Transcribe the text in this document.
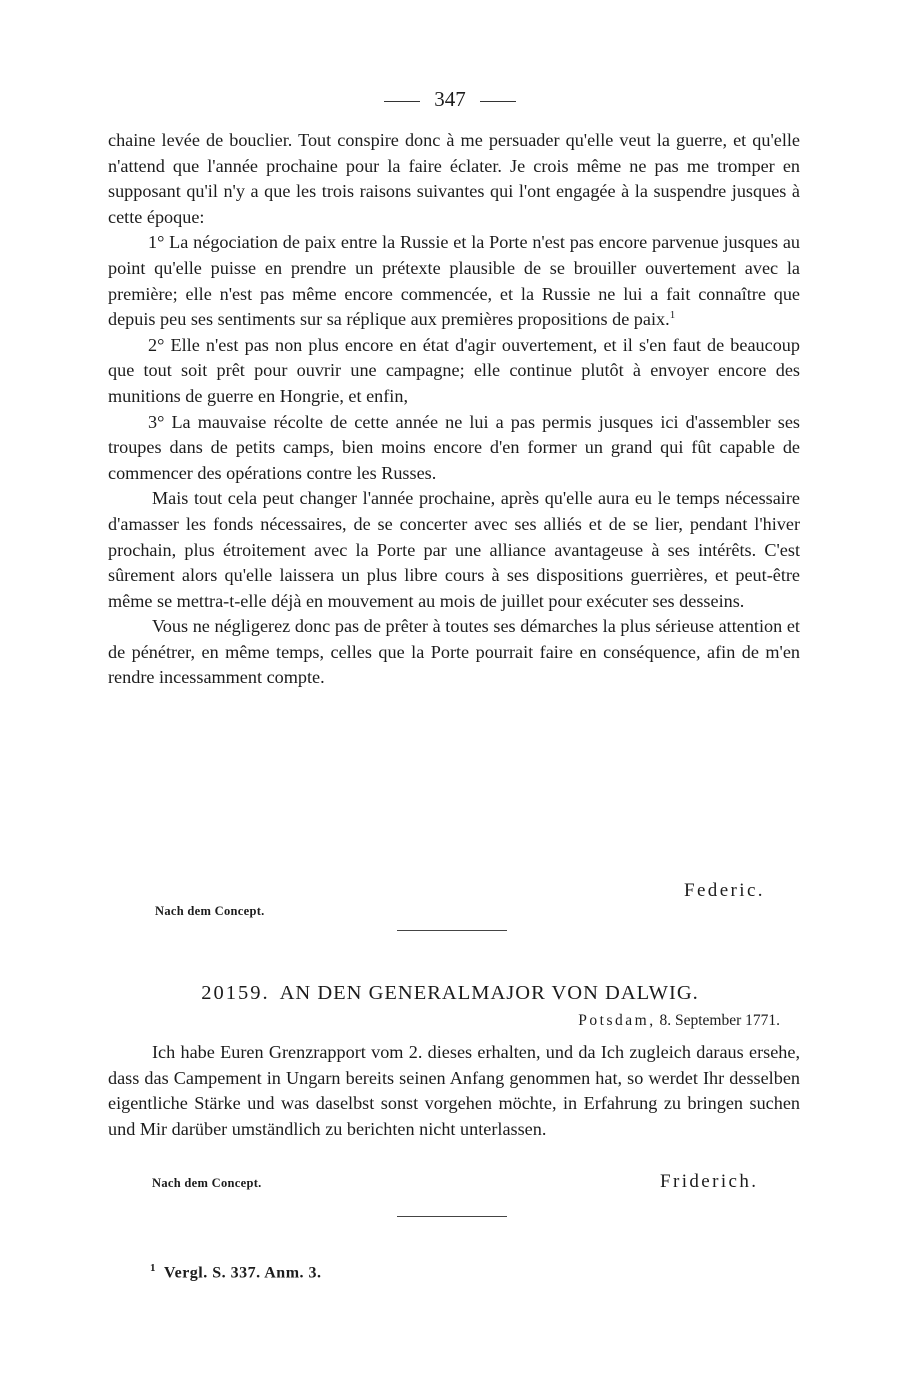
347

chaine levée de bouclier. Tout conspire donc à me persuader qu'elle veut la guerre, et qu'elle n'attend que l'année prochaine pour la faire éclater. Je crois même ne pas me tromper en supposant qu'il n'y a que les trois raisons suivantes qui l'ont engagée à la suspendre jusques à cette époque:

1° La négociation de paix entre la Russie et la Porte n'est pas encore parvenue jusques au point qu'elle puisse en prendre un prétexte plausible de se brouiller ouvertement avec la première; elle n'est pas même encore commencée, et la Russie ne lui a fait connaître que depuis peu ses sentiments sur sa réplique aux premières propositions de paix.$^1$

2° Elle n'est pas non plus encore en état d'agir ouvertement, et il s'en faut de beaucoup que tout soit prêt pour ouvrir une campagne; elle continue plutôt à envoyer encore des munitions de guerre en Hongrie, et enfin,

3° La mauvaise récolte de cette année ne lui a pas permis jusques ici d'assembler ses troupes dans de petits camps, bien moins encore d'en former un grand qui fût capable de commencer des opérations contre les Russes.

Mais tout cela peut changer l'année prochaine, après qu'elle aura eu le temps nécessaire d'amasser les fonds nécessaires, de se concerter avec ses alliés et de se lier, pendant l'hiver prochain, plus étroitement avec la Porte par une alliance avantageuse à ses intérêts. C'est sûrement alors qu'elle laissera un plus libre cours à ses dispositions guerrières, et peut-être même se mettra-t-elle déjà en mouvement au mois de juillet pour exécuter ses desseins.

Vous ne négligerez donc pas de prêter à toutes ses démarches la plus sérieuse attention et de pénétrer, en même temps, celles que la Porte pourrait faire en conséquence, afin de m'en rendre incessamment compte.

Federic.
Nach dem Concept.
20159. AN DEN GENERALMAJOR VON DALWIG.
Potsdam, 8. September 1771.

Ich habe Euren Grenzrapport vom 2. dieses erhalten, und da Ich zugleich daraus ersehe, dass das Campement in Ungarn bereits seinen Anfang genommen hat, so werdet Ihr desselben eigentliche Stärke und was daselbst sonst vorgehen möchte, in Erfahrung zu bringen suchen und Mir darüber umständlich zu berichten nicht unterlassen.

Nach dem Concept.	Friderich.
$^1$ Vergl. S. 337. Anm. 3.
